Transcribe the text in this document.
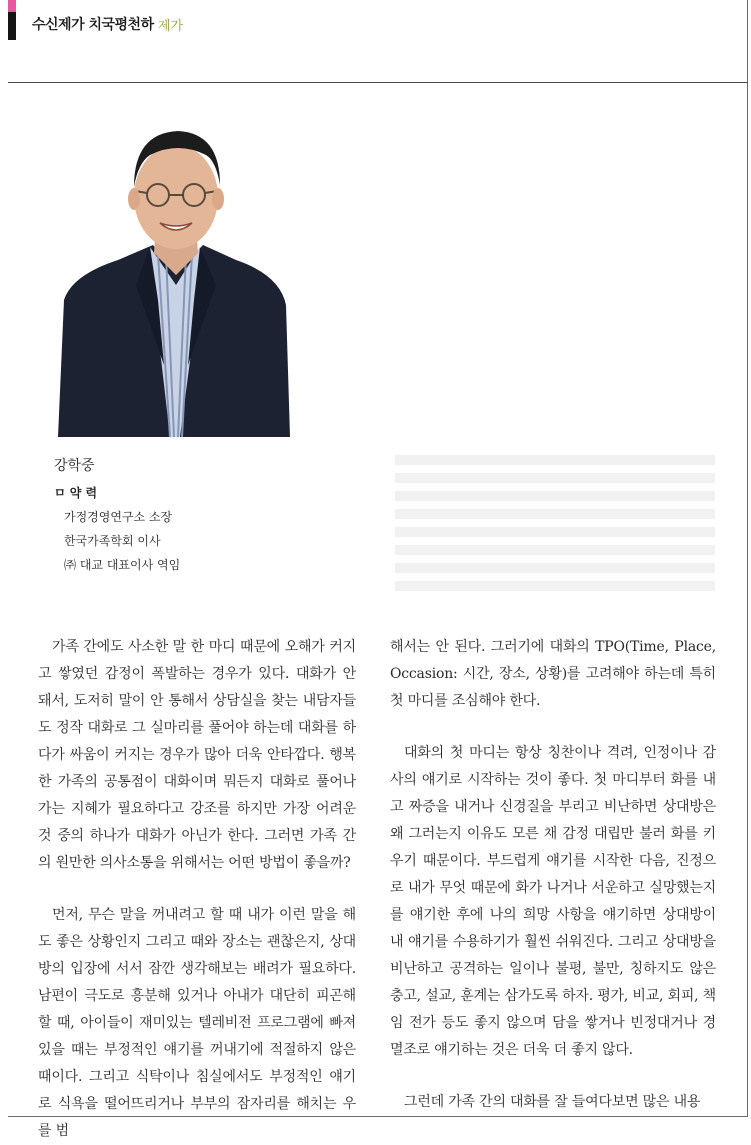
수신제가 치국평천하 제가
강학중
ㅁ 약 력
가정경영연구소 소장
한국가족학회 이사
㈜ 대교 대표이사 역임

가족 간에도 사소한 말 한 마디 때문에 오해가 커지고 쌓였던 감정이 폭발하는 경우가 있다. 대화가 안 돼서, 도저히 말이 안 통해서 상담실을 찾는 내담자들도 정작 대화로 그 실마리를 풀어야 하는데 대화를 하다가 싸움이 커지는 경우가 많아 더욱 안타깝다. 행복한 가족의 공통점이 대화이며 뭐든지 대화로 풀어나가는 지혜가 필요하다고 강조를 하지만 가장 어려운 것 중의 하나가 대화가 아닌가 한다. 그러면 가족 간의 원만한 의사소통을 위해서는 어떤 방법이 좋을까?

먼저, 무슨 말을 꺼내려고 할 때 내가 이런 말을 해도 좋은 상황인지 그리고 때와 장소는 괜찮은지, 상대방의 입장에 서서 잠깐 생각해보는 배려가 필요하다. 남편이 극도로 흥분해 있거나 아내가 대단히 피곤해 할 때, 아이들이 재미있는 텔레비전 프로그램에 빠져 있을 때는 부정적인 얘기를 꺼내기에 적절하지 않은 때이다. 그리고 식탁이나 침실에서도 부정적인 얘기로 식욕을 떨어뜨리거나 부부의 잠자리를 해치는 우를 범

해서는 안 된다. 그러기에 대화의 TPO(Time, Place, Occasion: 시간, 장소, 상황)를 고려해야 하는데 특히 첫 마디를 조심해야 한다.

대화의 첫 마디는 항상 칭찬이나 격려, 인정이나 감사의 얘기로 시작하는 것이 좋다. 첫 마디부터 화를 내고 짜증을 내거나 신경질을 부리고 비난하면 상대방은 왜 그러는지 이유도 모른 채 감정 대립만 불러 화를 키우기 때문이다. 부드럽게 얘기를 시작한 다음, 진정으로 내가 무엇 때문에 화가 나거나 서운하고 실망했는지를 얘기한 후에 나의 희망 사항을 얘기하면 상대방이 내 얘기를 수용하기가 훨씬 쉬워진다. 그리고 상대방을 비난하고 공격하는 일이나 불평, 불만, 칭하지도 않은 충고, 설교, 훈계는 삼가도록 하자. 평가, 비교, 회피, 책임 전가 등도 좋지 않으며 담을 쌓거나 빈정대거나 경멸조로 얘기하는 것은 더욱 더 좋지 않다.

그런데 가족 간의 대화를 잘 들여다보면 많은 내용
